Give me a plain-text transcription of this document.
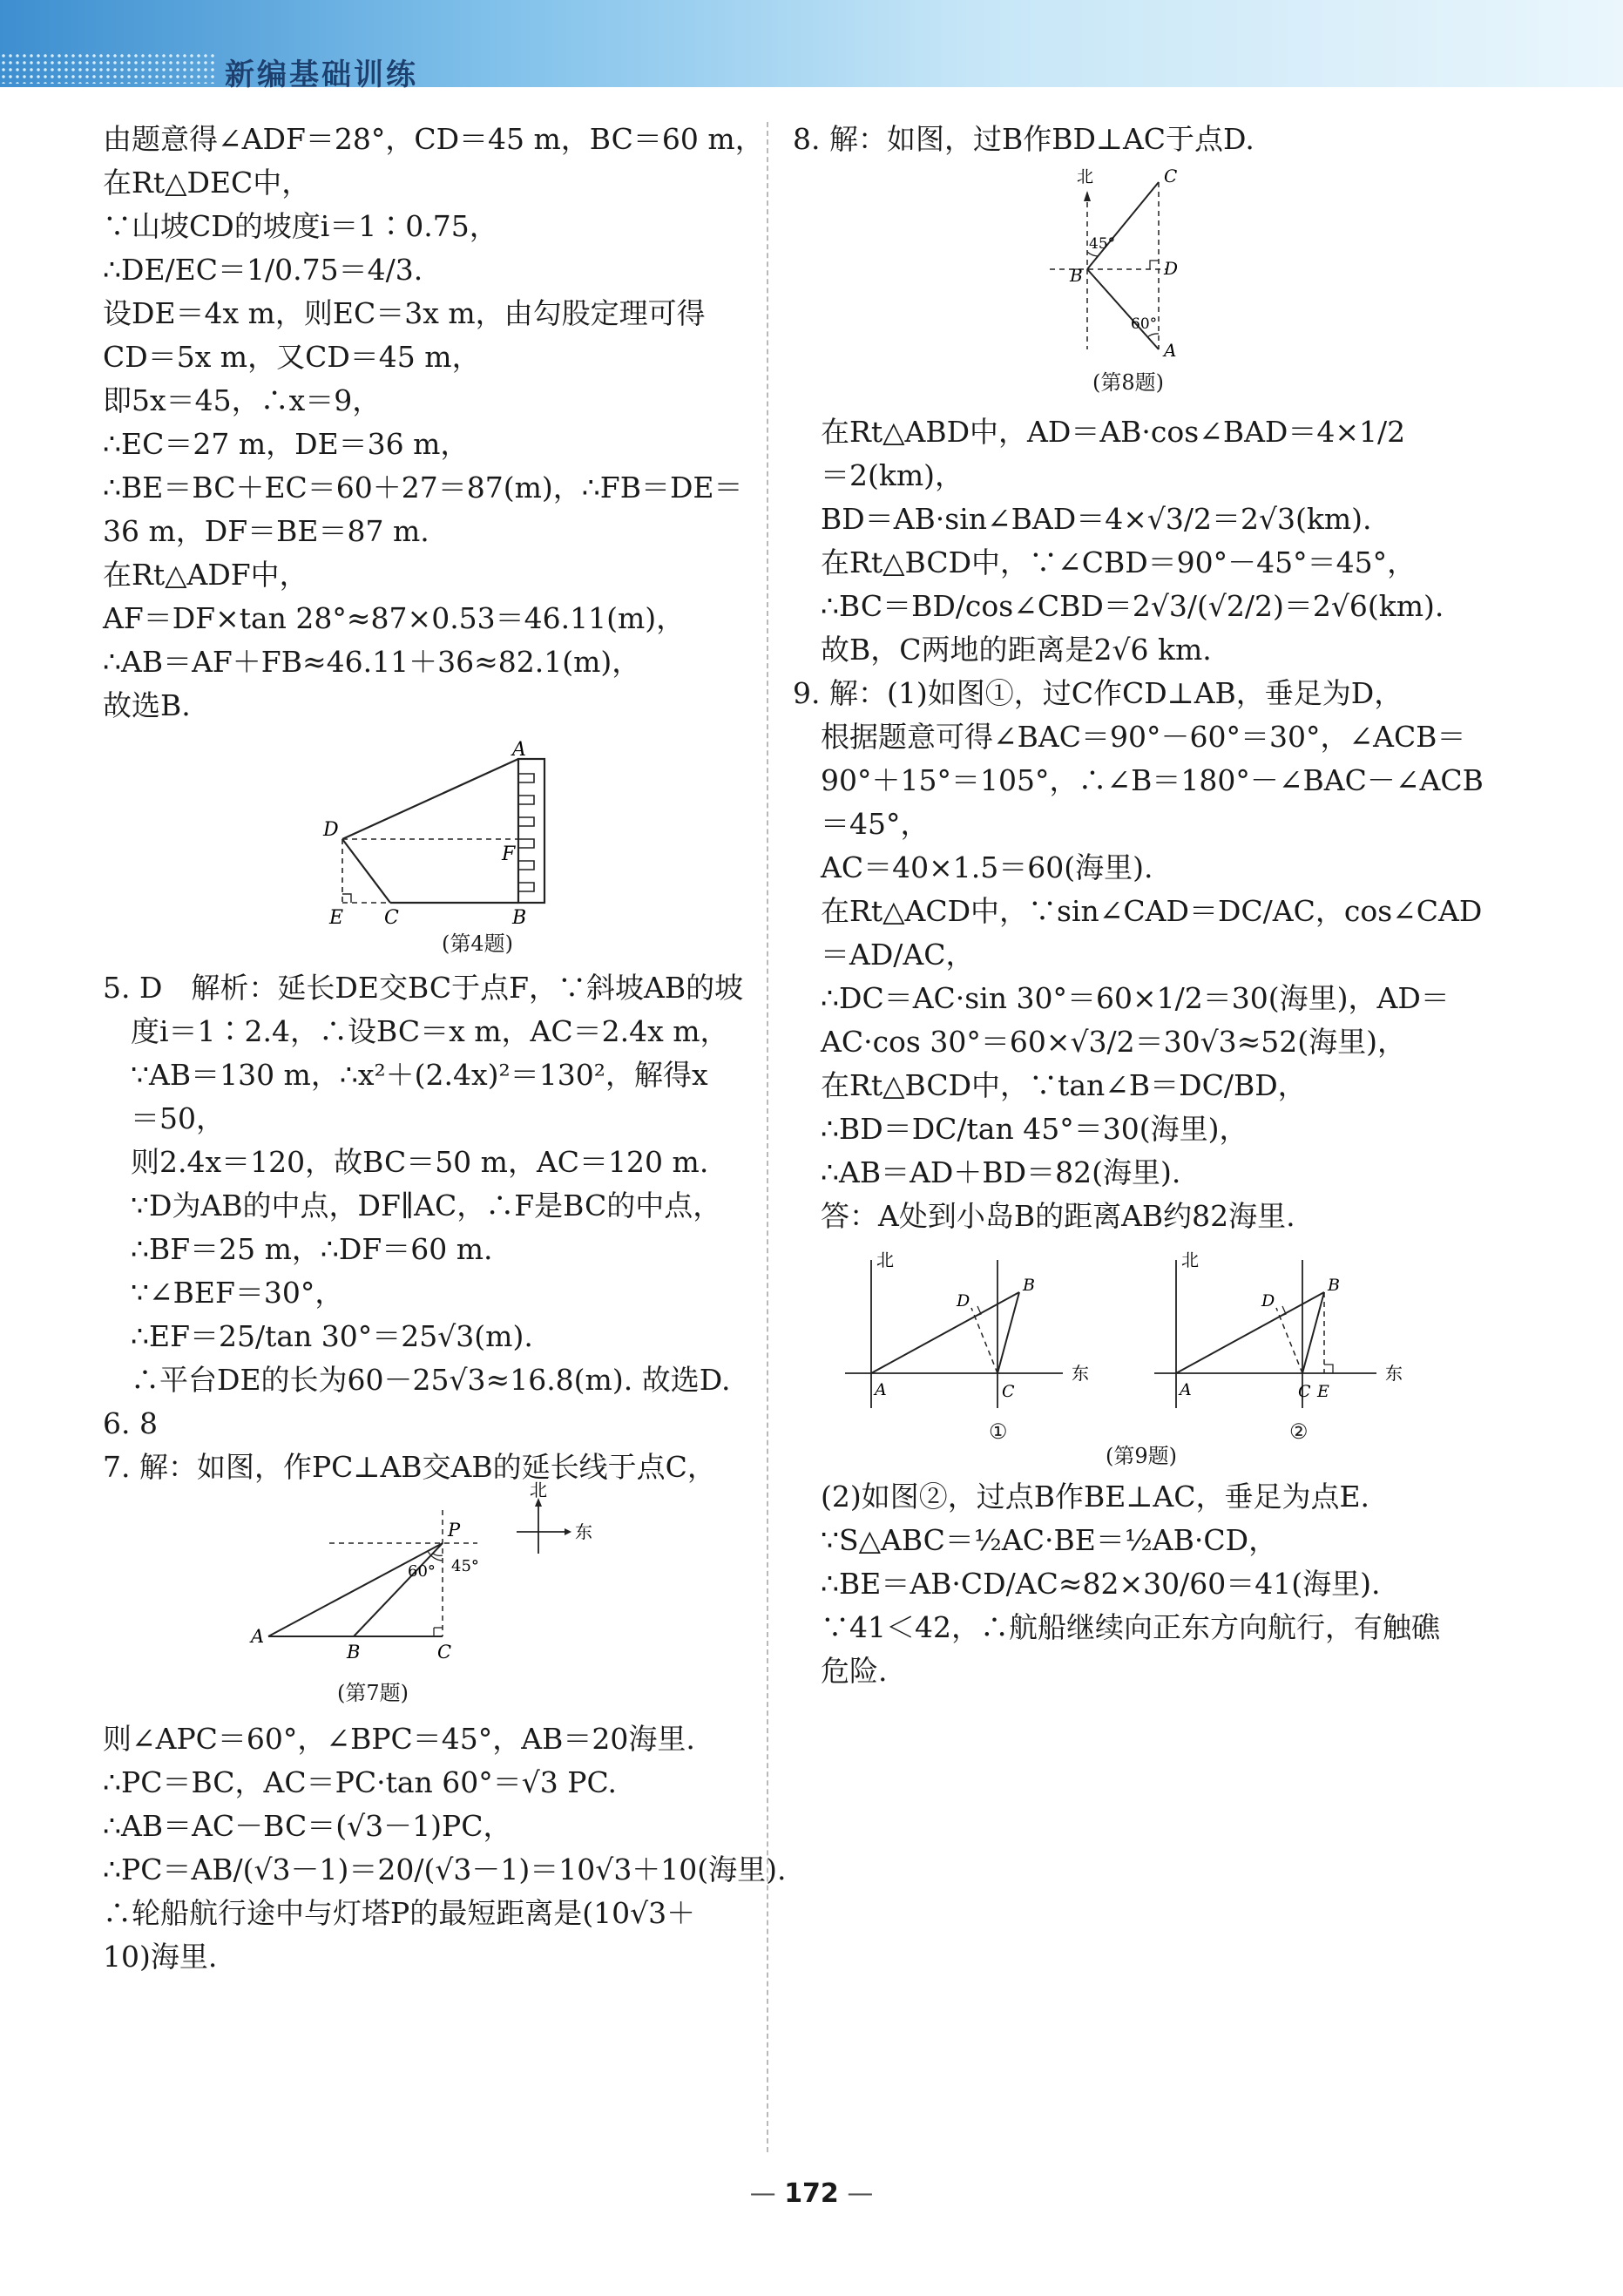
新编基础训练
由题意得∠ADF＝28°，CD＝45 m，BC＝60 m，
在Rt△DEC中，
∵山坡CD的坡度i＝1∶0.75，
∴DE/EC＝1/0.75＝4/3.
设DE＝4x m，则EC＝3x m，由勾股定理可得
CD＝5x m，又CD＝45 m，
即5x＝45，∴x＝9，
∴EC＝27 m，DE＝36 m，
∴BE＝BC＋EC＝60＋27＝87(m)，∴FB＝DE＝
36 m，DF＝BE＝87 m.
在Rt△ADF中，
AF＝DF×tan 28°≈87×0.53＝46.11(m)，
∴AB＝AF＋FB≈46.11＋36≈82.1(m)，
故选B.
A
D
F
E C	B
(第4题)
5. D　解析：延长DE交BC于点F，∵斜坡AB的坡
度i＝1∶2.4，∴设BC＝x m，AC＝2.4x m，
∵AB＝130 m，∴x²＋(2.4x)²＝130²，解得x
＝50，
则2.4x＝120，故BC＝50 m，AC＝120 m.
∵D为AB的中点，DF∥AC，∴F是BC的中点，
∴BF＝25 m，∴DF＝60 m.
∵∠BEF＝30°，
∴EF＝25/tan 30°＝25√3(m).
∴平台DE的长为60－25√3≈16.8(m). 故选D.
6. 8
7. 解：如图，作PC⊥AB交AB的延长线于点C，
北
东
P
60° 45°
A
B	C
(第7题)
则∠APC＝60°，∠BPC＝45°，AB＝20海里.
∴PC＝BC，AC＝PC·tan 60°＝√3 PC.
∴AB＝AC－BC＝(√3－1)PC，
∴PC＝AB/(√3－1)＝20/(√3－1)＝10√3＋10(海里).
∴轮船航行途中与灯塔P的最短距离是(10√3＋
10)海里.
8. 解：如图，过B作BD⊥AC于点D.
北	C
45°
D
B
60°
A
(第8题)
在Rt△ABD中，AD＝AB·cos∠BAD＝4×1/2
＝2(km)，
BD＝AB·sin∠BAD＝4×√3/2＝2√3(km).
在Rt△BCD中，∵∠CBD＝90°－45°＝45°，
∴BC＝BD/cos∠CBD＝2√3/(√2/2)＝2√6(km).
故B，C两地的距离是2√6 km.
9. 解：(1)如图①，过C作CD⊥AB，垂足为D，
根据题意可得∠BAC＝90°－60°＝30°，∠ACB＝
90°＋15°＝105°，∴∠B＝180°－∠BAC－∠ACB
＝45°，
AC＝40×1.5＝60(海里).
在Rt△ACD中，∵sin∠CAD＝DC/AC，cos∠CAD
＝AD/AC，
∴DC＝AC·sin 30°＝60×1/2＝30(海里)，AD＝
AC·cos 30°＝60×√3/2＝30√3≈52(海里)，
在Rt△BCD中，∵tan∠B＝DC/BD，
∴BD＝DC/tan 45°＝30(海里)，
∴AB＝AD＋BD＝82(海里).
答：A处到小岛B的距离AB约82海里.
北
D
B
东
A	C
北
D
B
东
A	C E
①	②
(第9题)
(2)如图②，过点B作BE⊥AC，垂足为点E.
∵S△ABC＝½AC·BE＝½AB·CD，
∴BE＝AB·CD/AC≈82×30/60＝41(海里).
∵41＜42，∴航船继续向正东方向航行，有触礁
危险.
— 172 —
